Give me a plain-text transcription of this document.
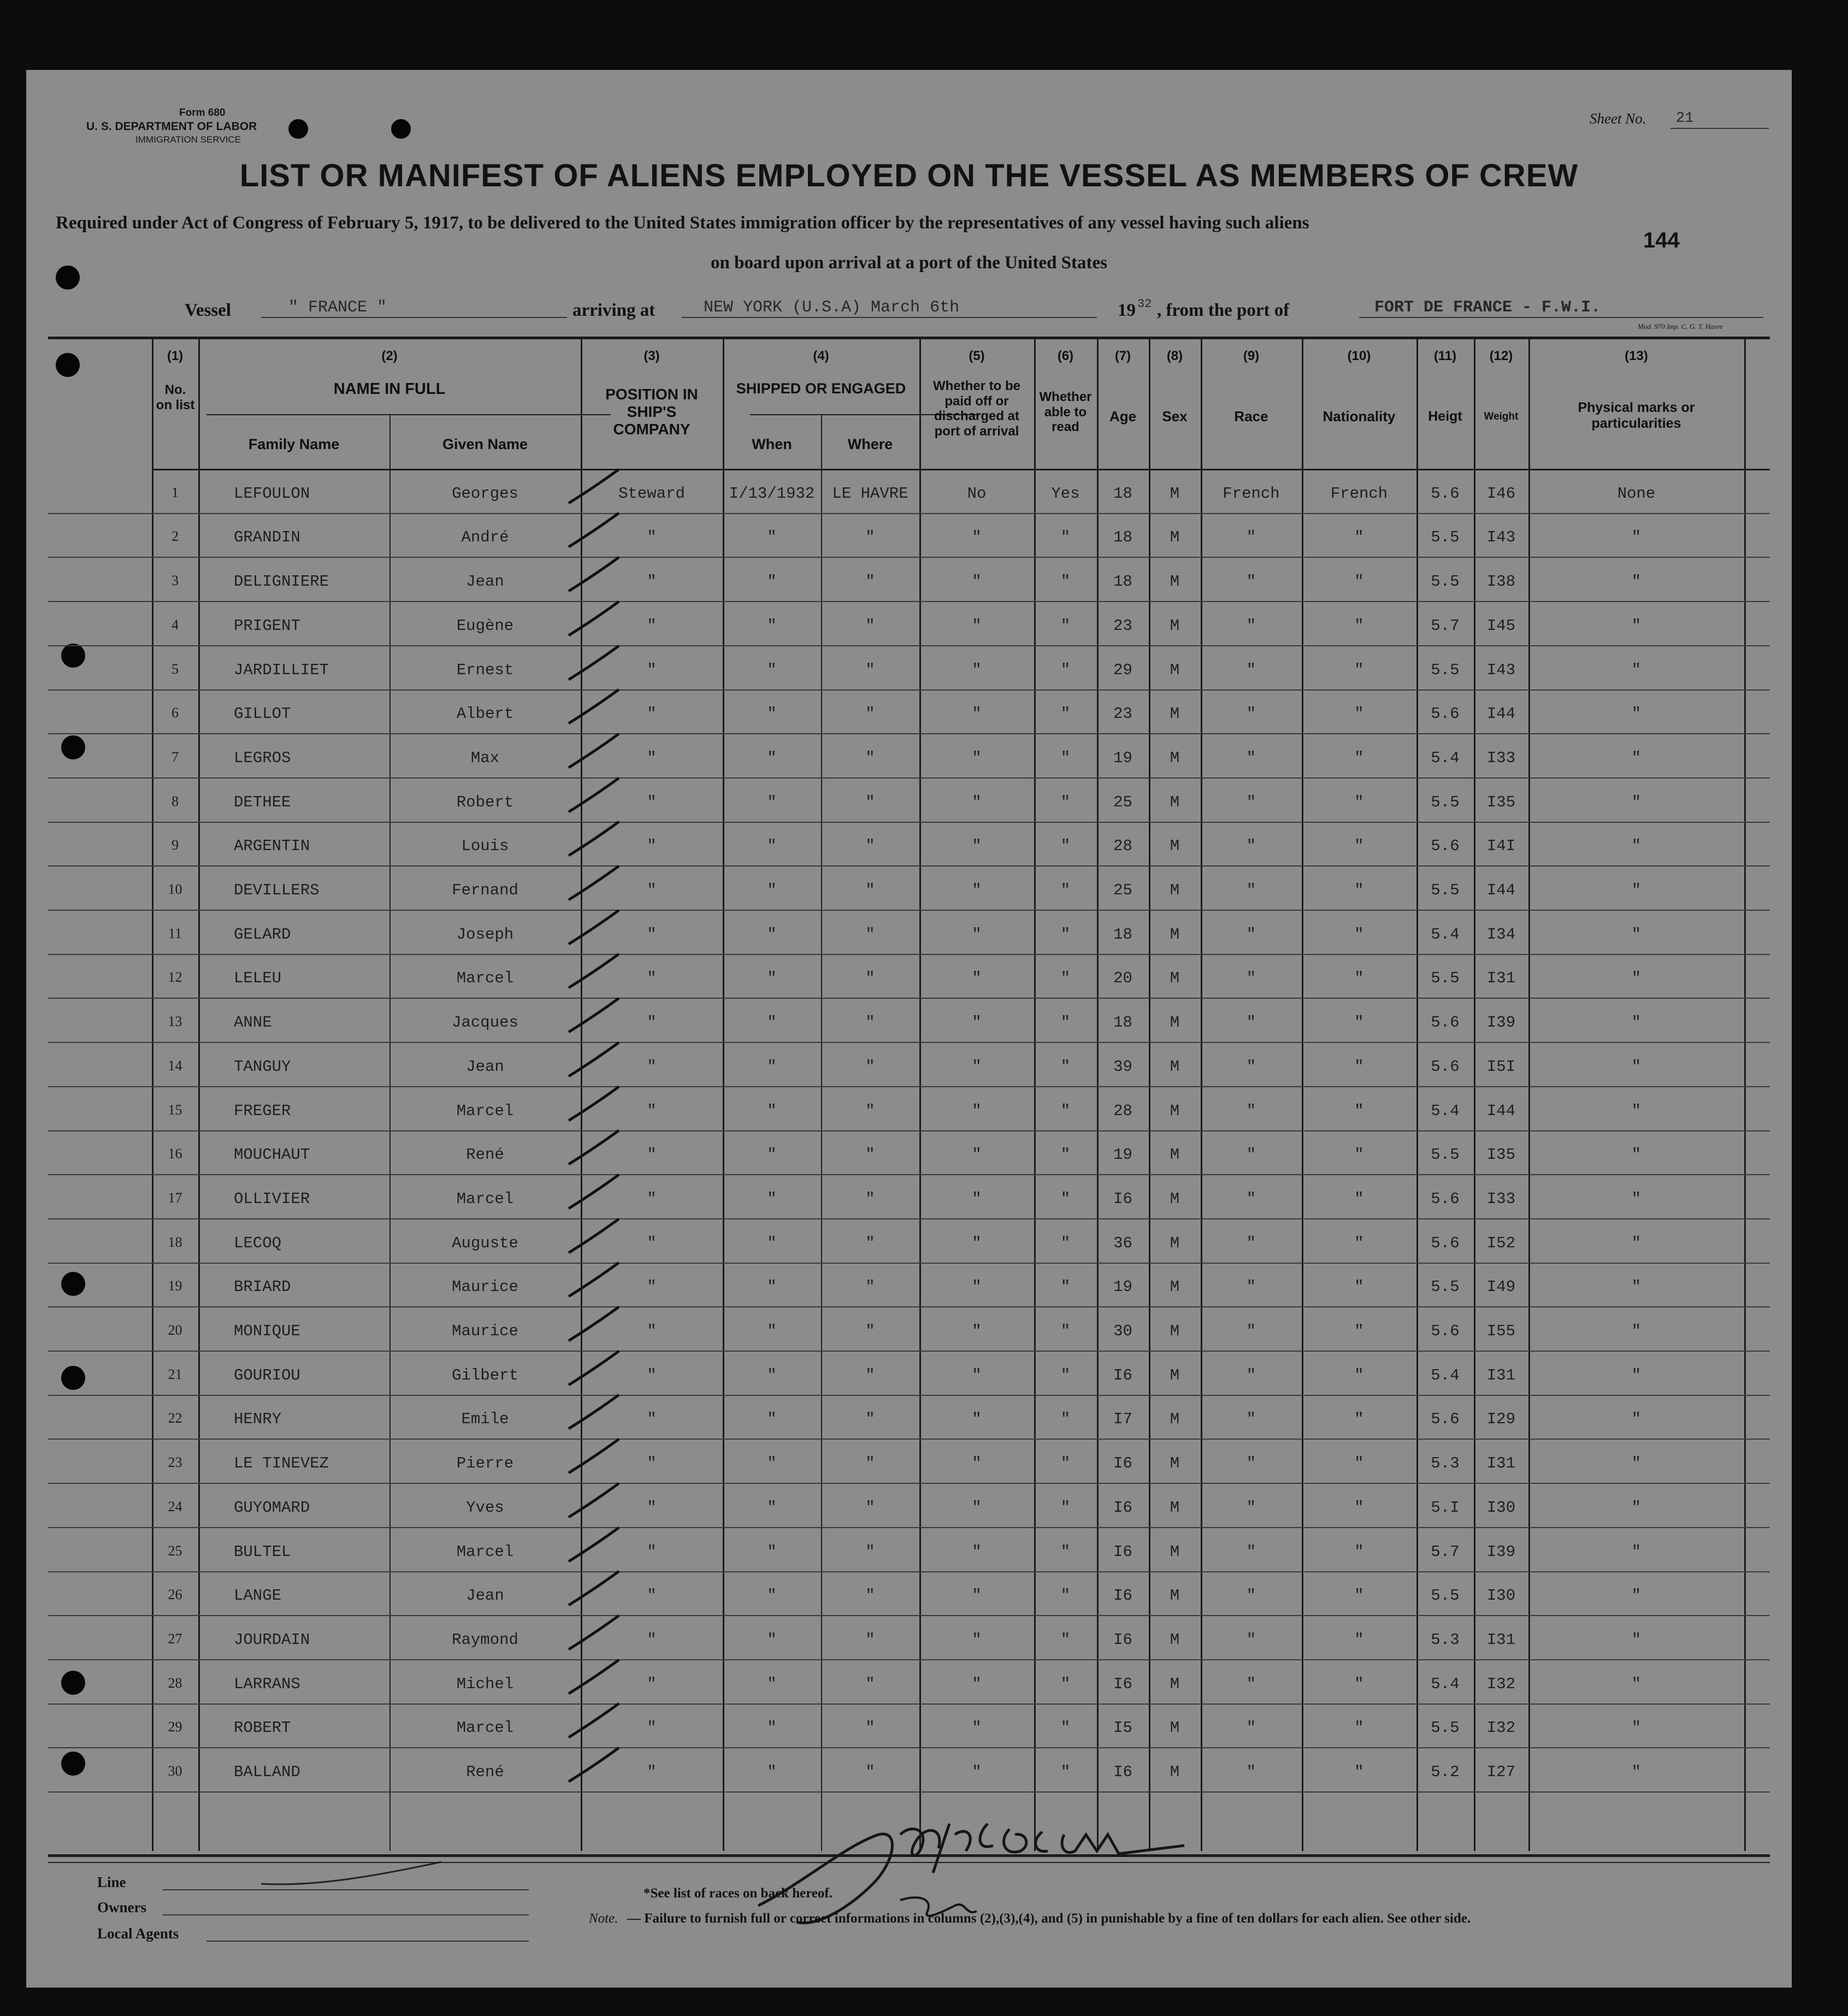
Form 680
U. S. DEPARTMENT OF LABOR
IMMIGRATION SERVICE
Sheet No. 21
LIST OR MANIFEST OF ALIENS EMPLOYED ON THE VESSEL AS MEMBERS OF CREW
Required under Act of Congress of February 5, 1917, to be delivered to the United States immigration officer by the representatives of any vessel having such aliens
on board upon arrival at a port of the United States
144
Vessel	" FRANCE "	arriving at	NEW YORK (U.S.A) March 6th	19 32 , from the port of	FORT DE FRANCE - F.W.I.
Mod. 970 Imp. C. G. T. Havre
(1)
No. on list
(2)
NAME IN FULL
Family Name	Given Name
(3)
POSITION IN SHIP'S COMPANY
(4)
SHIPPED OR ENGAGED
When	Where
(5)
Whether to be paid off or discharged at port of arrival
(6)
Whether able to read
(7)
Age
(8)
Sex
(9)
Race
(10)
Nationality
(11)
Heigt
(12)
Weight
(13)
Physical marks or particularities
1	LEFOULON	Georges	Steward	I/13/1932	LE HAVRE	No	Yes	18	M	French	French	5.6	I46	None
2	GRANDIN	André	"	"	"	"	"	18	M	"	"	5.5	I43	"
3	DELIGNIERE	Jean	"	"	"	"	"	18	M	"	"	5.5	I38	"
4	PRIGENT	Eugène	"	"	"	"	"	23	M	"	"	5.7	I45	"
5	JARDILLIET	Ernest	"	"	"	"	"	29	M	"	"	5.5	I43	"
6	GILLOT	Albert	"	"	"	"	"	23	M	"	"	5.6	I44	"
7	LEGROS	Max	"	"	"	"	"	19	M	"	"	5.4	I33	"
8	DETHEE	Robert	"	"	"	"	"	25	M	"	"	5.5	I35	"
9	ARGENTIN	Louis	"	"	"	"	"	28	M	"	"	5.6	I4I	"
10	DEVILLERS	Fernand	"	"	"	"	"	25	M	"	"	5.5	I44	"
11	GELARD	Joseph	"	"	"	"	"	18	M	"	"	5.4	I34	"
12	LELEU	Marcel	"	"	"	"	"	20	M	"	"	5.5	I31	"
13	ANNE	Jacques	"	"	"	"	"	18	M	"	"	5.6	I39	"
14	TANGUY	Jean	"	"	"	"	"	39	M	"	"	5.6	I5I	"
15	FREGER	Marcel	"	"	"	"	"	28	M	"	"	5.4	I44	"
16	MOUCHAUT	René	"	"	"	"	"	19	M	"	"	5.5	I35	"
17	OLLIVIER	Marcel	"	"	"	"	"	I6	M	"	"	5.6	I33	"
18	LECOQ	Auguste	"	"	"	"	"	36	M	"	"	5.6	I52	"
19	BRIARD	Maurice	"	"	"	"	"	19	M	"	"	5.5	I49	"
20	MONIQUE	Maurice	"	"	"	"	"	30	M	"	"	5.6	I55	"
21	GOURIOU	Gilbert	"	"	"	"	"	I6	M	"	"	5.4	I31	"
22	HENRY	Emile	"	"	"	"	"	I7	M	"	"	5.6	I29	"
23	LE TINEVEZ	Pierre	"	"	"	"	"	I6	M	"	"	5.3	I31	"
24	GUYOMARD	Yves	"	"	"	"	"	I6	M	"	"	5.I	I30	"
25	BULTEL	Marcel	"	"	"	"	"	I6	M	"	"	5.7	I39	"
26	LANGE	Jean	"	"	"	"	"	I6	M	"	"	5.5	I30	"
27	JOURDAIN	Raymond	"	"	"	"	"	I6	M	"	"	5.3	I31	"
28	LARRANS	Michel	"	"	"	"	"	I6	M	"	"	5.4	I32	"
29	ROBERT	Marcel	"	"	"	"	"	I5	M	"	"	5.5	I32	"
30	BALLAND	René	"	"	"	"	"	I6	M	"	"	5.2	I27	"
Line
Owners
Local Agents
*See list of races on back hereof.
Note. — Failure to furnish full or correct informations in columns (2),(3),(4), and (5) in punishable by a fine of ten dollars for each alien. See other side.
